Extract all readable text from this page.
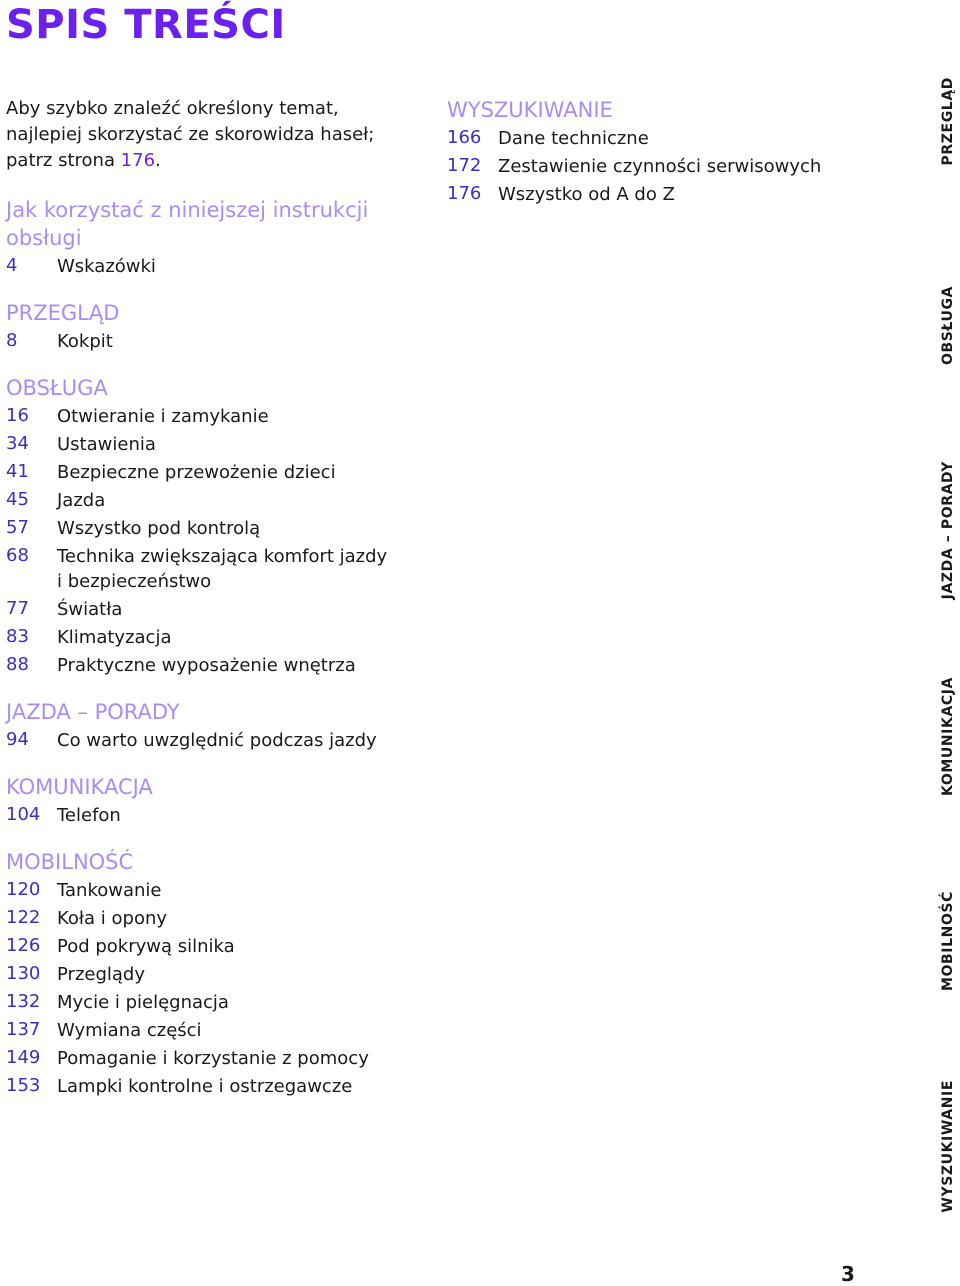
SPIS TREŚCI

Aby szybko znaleźć określony temat, najlepiej skorzystać ze skorowidza haseł; patrz strona 176.

Jak korzystać z niniejszej instrukcji obsługi
4	Wskazówki
PRZEGLĄD
8	Kokpit
OBSŁUGA
16	Otwieranie i zamykanie
34	Ustawienia
41	Bezpieczne przewożenie dzieci
45	Jazda
57	Wszystko pod kontrolą
68	Technika zwiększająca komfort jazdy i bezpieczeństwo
77	Światła
83	Klimatyzacja
88	Praktyczne wyposażenie wnętrza
JAZDA – PORADY
94	Co warto uwzględnić podczas jazdy
KOMUNIKACJA
104 Telefon
MOBILNOŚĆ
120 Tankowanie
122 Koła i opony
126 Pod pokrywą silnika
130 Przeglądy
132 Mycie i pielęgnacja
137 Wymiana części
149 Pomaganie i korzystanie z pomocy
153 Lampki kontrolne i ostrzegawcze
WYSZUKIWANIE
166 Dane techniczne
172 Zestawienie czynności serwisowych
176 Wszystko od A do Z
PRZEGLĄD
OBSŁUGA
JAZDA – PORADY
KOMUNIKACJA
MOBILNOŚĆ
WYSZUKIWANIE
3
